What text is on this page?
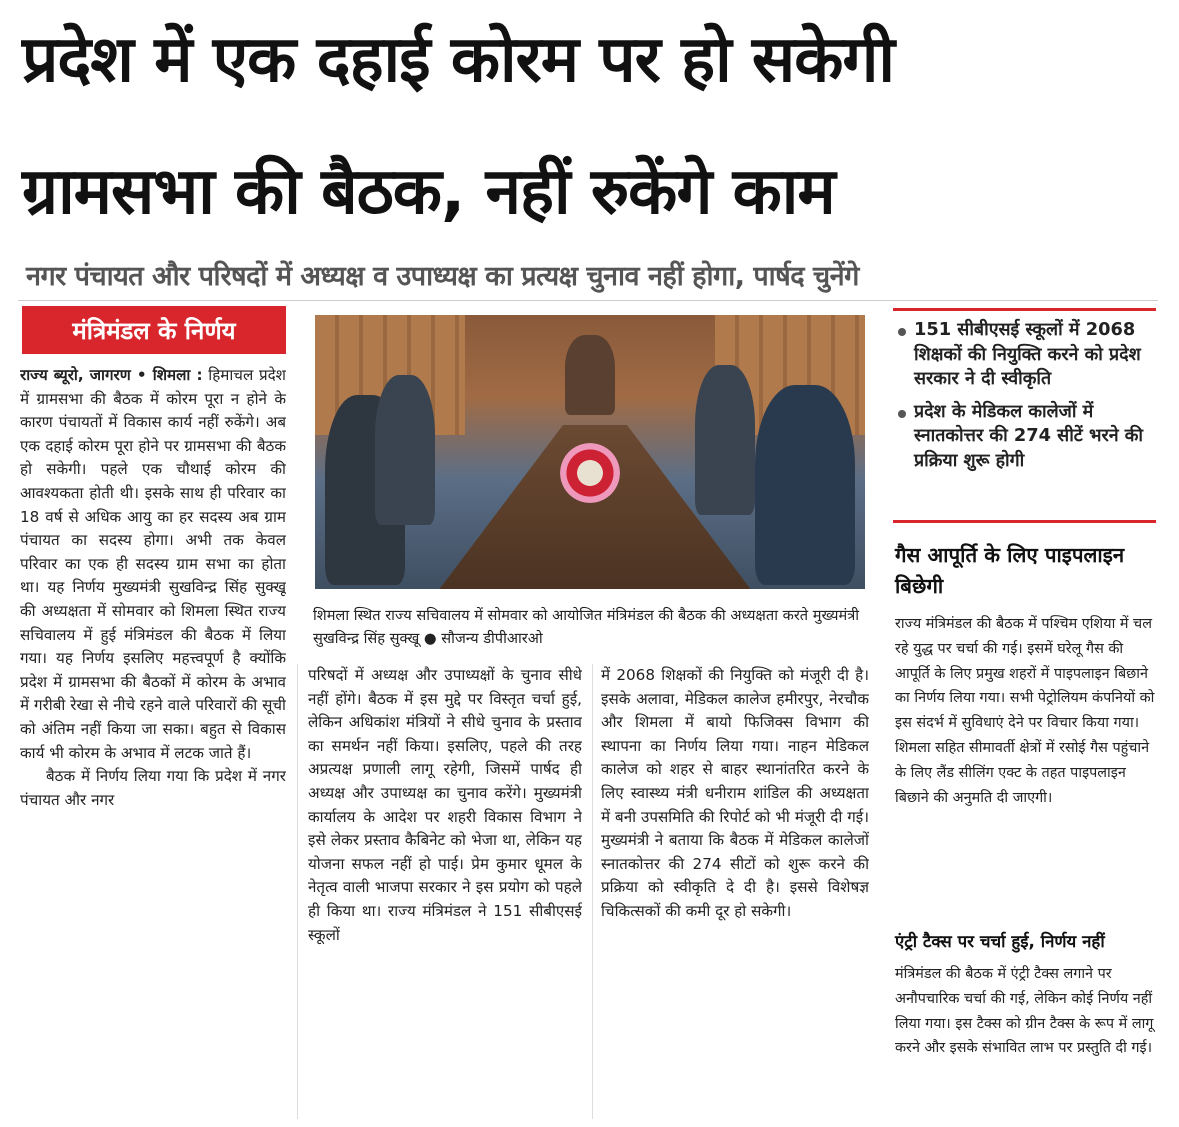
प्रदेश में एक दहाई कोरम पर हो सकेगी
ग्रामसभा की बैठक, नहीं रुकेंगे काम
नगर पंचायत और परिषदों में अध्यक्ष व उपाध्यक्ष का प्रत्यक्ष चुनाव नहीं होगा, पार्षद चुनेंगे
मंत्रिमंडल के निर्णय

राज्य ब्यूरो, जागरण • शिमला : हिमाचल प्रदेश में ग्रामसभा की बैठक में कोरम पूरा न होने के कारण पंचायतों में विकास कार्य नहीं रुकेंगे। अब एक दहाई कोरम पूरा होने पर ग्रामसभा की बैठक हो सकेगी। पहले एक चौथाई कोरम की आवश्यकता होती थी। इसके साथ ही परिवार का 18 वर्ष से अधिक आयु का हर सदस्य अब ग्राम पंचायत का सदस्य होगा। अभी तक केवल परिवार का एक ही सदस्य ग्राम सभा का होता था। यह निर्णय मुख्यमंत्री सुखविन्द्र सिंह सुक्खू की अध्यक्षता में सोमवार को शिमला स्थित राज्य सचिवालय में हुई मंत्रिमंडल की बैठक में लिया गया। यह निर्णय इसलिए महत्त्वपूर्ण है क्योंकि प्रदेश में ग्रामसभा की बैठकों में कोरम के अभाव में गरीबी रेखा से नीचे रहने वाले परिवारों की सूची को अंतिम नहीं किया जा सका। बहुत से विकास कार्य भी कोरम के अभाव में लटक जाते हैं।

बैठक में निर्णय लिया गया कि प्रदेश में नगर पंचायत और नगर

शिमला स्थित राज्य सचिवालय में सोमवार को आयोजित मंत्रिमंडल की बैठक की अध्यक्षता करते मुख्यमंत्री सुखविन्द्र सिंह सुक्खू ● सौजन्य डीपीआरओ
परिषदों में अध्यक्ष और उपाध्यक्षों के चुनाव सीधे नहीं होंगे। बैठक में इस मुद्दे पर विस्तृत चर्चा हुई, लेकिन अधिकांश मंत्रियों ने सीधे चुनाव के प्रस्ताव का समर्थन नहीं किया। इसलिए, पहले की तरह अप्रत्यक्ष प्रणाली लागू रहेगी, जिसमें पार्षद ही अध्यक्ष और उपाध्यक्ष का चुनाव करेंगे। मुख्यमंत्री कार्यालय के आदेश पर शहरी विकास विभाग ने इसे लेकर प्रस्ताव कैबिनेट को भेजा था, लेकिन यह योजना सफल नहीं हो पाई। प्रेम कुमार धूमल के नेतृत्व वाली भाजपा सरकार ने इस प्रयोग को पहले ही किया था। राज्य मंत्रिमंडल ने 151 सीबीएसई स्कूलों
में 2068 शिक्षकों की नियुक्ति को मंजूरी दी है। इसके अलावा, मेडिकल कालेज हमीरपुर, नेरचौक और शिमला में बायो फिजिक्स विभाग की स्थापना का निर्णय लिया गया। नाहन मेडिकल कालेज को शहर से बाहर स्थानांतरित करने के लिए स्वास्थ्य मंत्री धनीराम शांडिल की अध्यक्षता में बनी उपसमिति की रिपोर्ट को भी मंजूरी दी गई। मुख्यमंत्री ने बताया कि बैठक में मेडिकल कालेजों स्नातकोत्तर की 274 सीटों को शुरू करने की प्रक्रिया को स्वीकृति दे दी है। इससे विशेषज्ञ चिकित्सकों की कमी दूर हो सकेगी।
151 सीबीएसई स्कूलों में 2068 शिक्षकों की नियुक्ति करने को प्रदेश सरकार ने दी स्वीकृति
प्रदेश के मेडिकल कालेजों में स्नातकोत्तर की 274 सीटें भरने की प्रक्रिया शुरू होगी
गैस आपूर्ति के लिए पाइपलाइन बिछेगी
राज्य मंत्रिमंडल की बैठक में पश्चिम एशिया में चल रहे युद्ध पर चर्चा की गई। इसमें घरेलू गैस की आपूर्ति के लिए प्रमुख शहरों में पाइपलाइन बिछाने का निर्णय लिया गया। सभी पेट्रोलियम कंपनियों को इस संदर्भ में सुविधाएं देने पर विचार किया गया। शिमला सहित सीमावर्ती क्षेत्रों में रसोई गैस पहुंचाने के लिए लैंड सीलिंग एक्ट के तहत पाइपलाइन बिछाने की अनुमति दी जाएगी।
एंट्री टैक्स पर चर्चा हुई, निर्णय नहीं
मंत्रिमंडल की बैठक में एंट्री टैक्स लगाने पर अनौपचारिक चर्चा की गई, लेकिन कोई निर्णय नहीं लिया गया। इस टैक्स को ग्रीन टैक्स के रूप में लागू करने और इसके संभावित लाभ पर प्रस्तुति दी गई।
